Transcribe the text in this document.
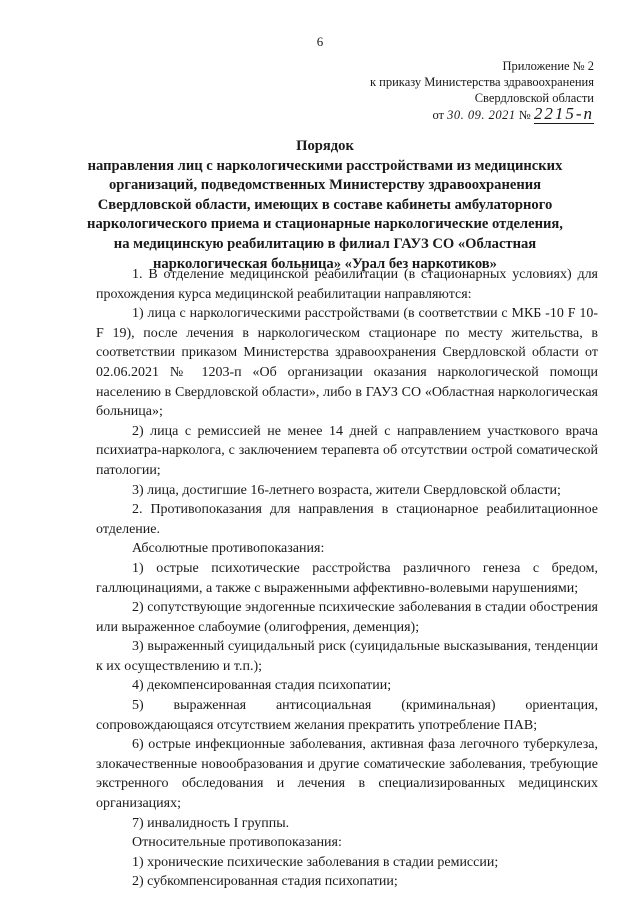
6
Приложение № 2
к приказу Министерства здравоохранения
Свердловской области
от 30. 09. 2021 № 2215-п
Порядок
направления лиц с наркологическими расстройствами из медицинских
организаций, подведомственных Министерству здравоохранения
Свердловской области, имеющих в составе кабинеты амбулаторного
наркологического приема и стационарные наркологические отделения,
на медицинскую реабилитацию в филиал ГАУЗ СО «Областная
наркологическая больница» «Урал без наркотиков»

1. В отделение медицинской реабилитации (в стационарных условиях) для прохождения курса медицинской реабилитации направляются:

1) лица с наркологическими расстройствами (в соответствии с МКБ -10 F 10-F 19), после лечения в наркологическом стационаре по месту жительства, в соответствии приказом Министерства здравоохранения Свердловской области от 02.06.2021 № 1203-п «Об организации оказания наркологической помощи населению в Свердловской области», либо в ГАУЗ СО «Областная наркологическая больница»;

2) лица с ремиссией не менее 14 дней с направлением участкового врача психиатра-нарколога, с заключением терапевта об отсутствии острой соматической патологии;

3) лица, достигшие 16-летнего возраста, жители Свердловской области;

2. Противопоказания для направления в стационарное реабилитационное отделение.

Абсолютные противопоказания:

1) острые психотические расстройства различного генеза с бредом, галлюцинациями, а также с выраженными аффективно-волевыми нарушениями;

2) сопутствующие эндогенные психические заболевания в стадии обострения или выраженное слабоумие (олигофрения, деменция);

3) выраженный суицидальный риск (суицидальные высказывания, тенденции к их осуществлению и т.п.);

4) декомпенсированная стадия психопатии;

5) выраженная антисоциальная (криминальная) ориентация, сопровождающаяся отсутствием желания прекратить употребление ПАВ;

6) острые инфекционные заболевания, активная фаза легочного туберкулеза, злокачественные новообразования и другие соматические заболевания, требующие экстренного обследования и лечения в специализированных медицинских организациях;

7) инвалидность I группы.

Относительные противопоказания:

1) хронические психические заболевания в стадии ремиссии;

2) субкомпенсированная стадия психопатии;
